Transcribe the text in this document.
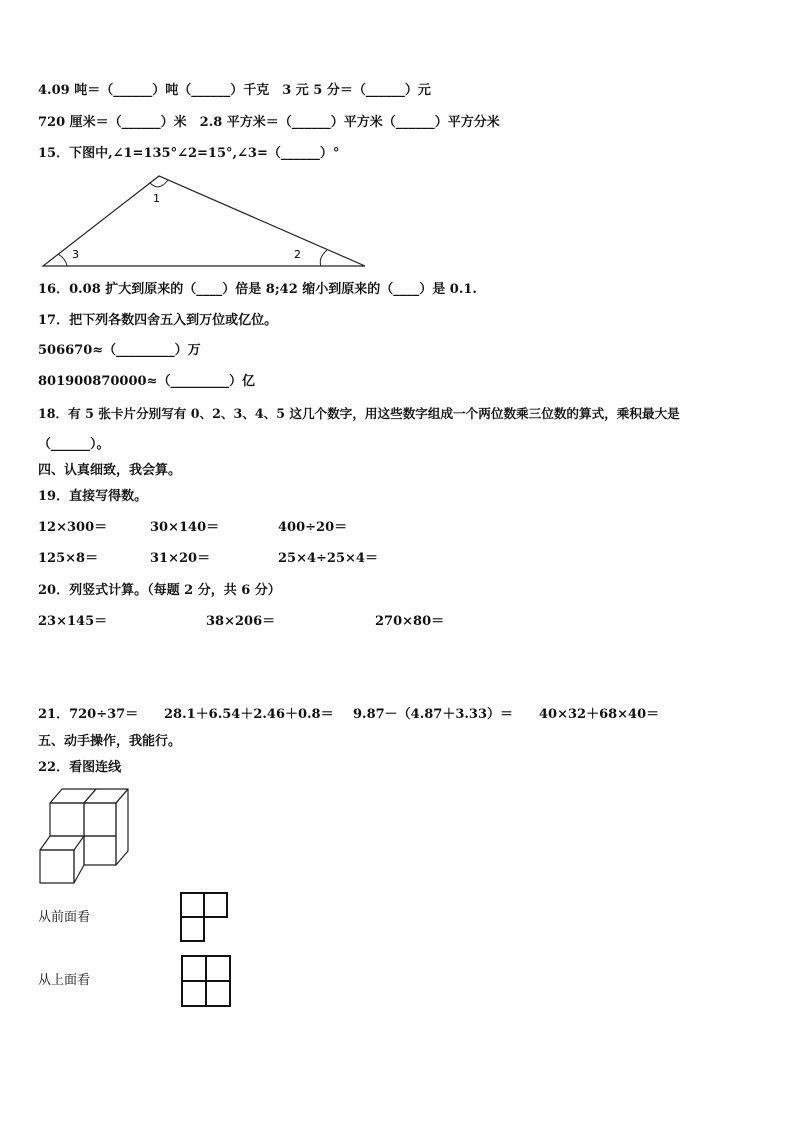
4.09 吨＝（______）吨（______）千克　3 元 5 分＝（______）元
720 厘米＝（______）米　2.8 平方米＝（______）平方米（______）平方分米
15．下图中,∠1=135°∠2=15°,∠3=（______）°
1
2
3
16．0.08 扩大到原来的（____）倍是 8;42 缩小到原来的（____）是 0.1.
17．把下列各数四舍五入到万位或亿位。
506670≈（_________）万
801900870000≈（_________）亿
18．有 5 张卡片分别写有 0、2、3、4、5 这几个数字，用这些数字组成一个两位数乘三位数的算式，乘积最大是
（______）。
四、认真细致，我会算。
19．直接写得数。
12×300＝	30×140＝	400÷20＝
125×8＝	31×20＝	25×4÷25×4＝
20．列竖式计算。（每题 2 分，共 6 分）
23×145＝	38×206＝	270×80＝
21．720÷37＝ 28.1＋6.54＋2.46＋0.8＝ 9.87－（4.87＋3.33）＝ 40×32＋68×40＝
五、动手操作，我能行。
22．看图连线
从前面看
从上面看
